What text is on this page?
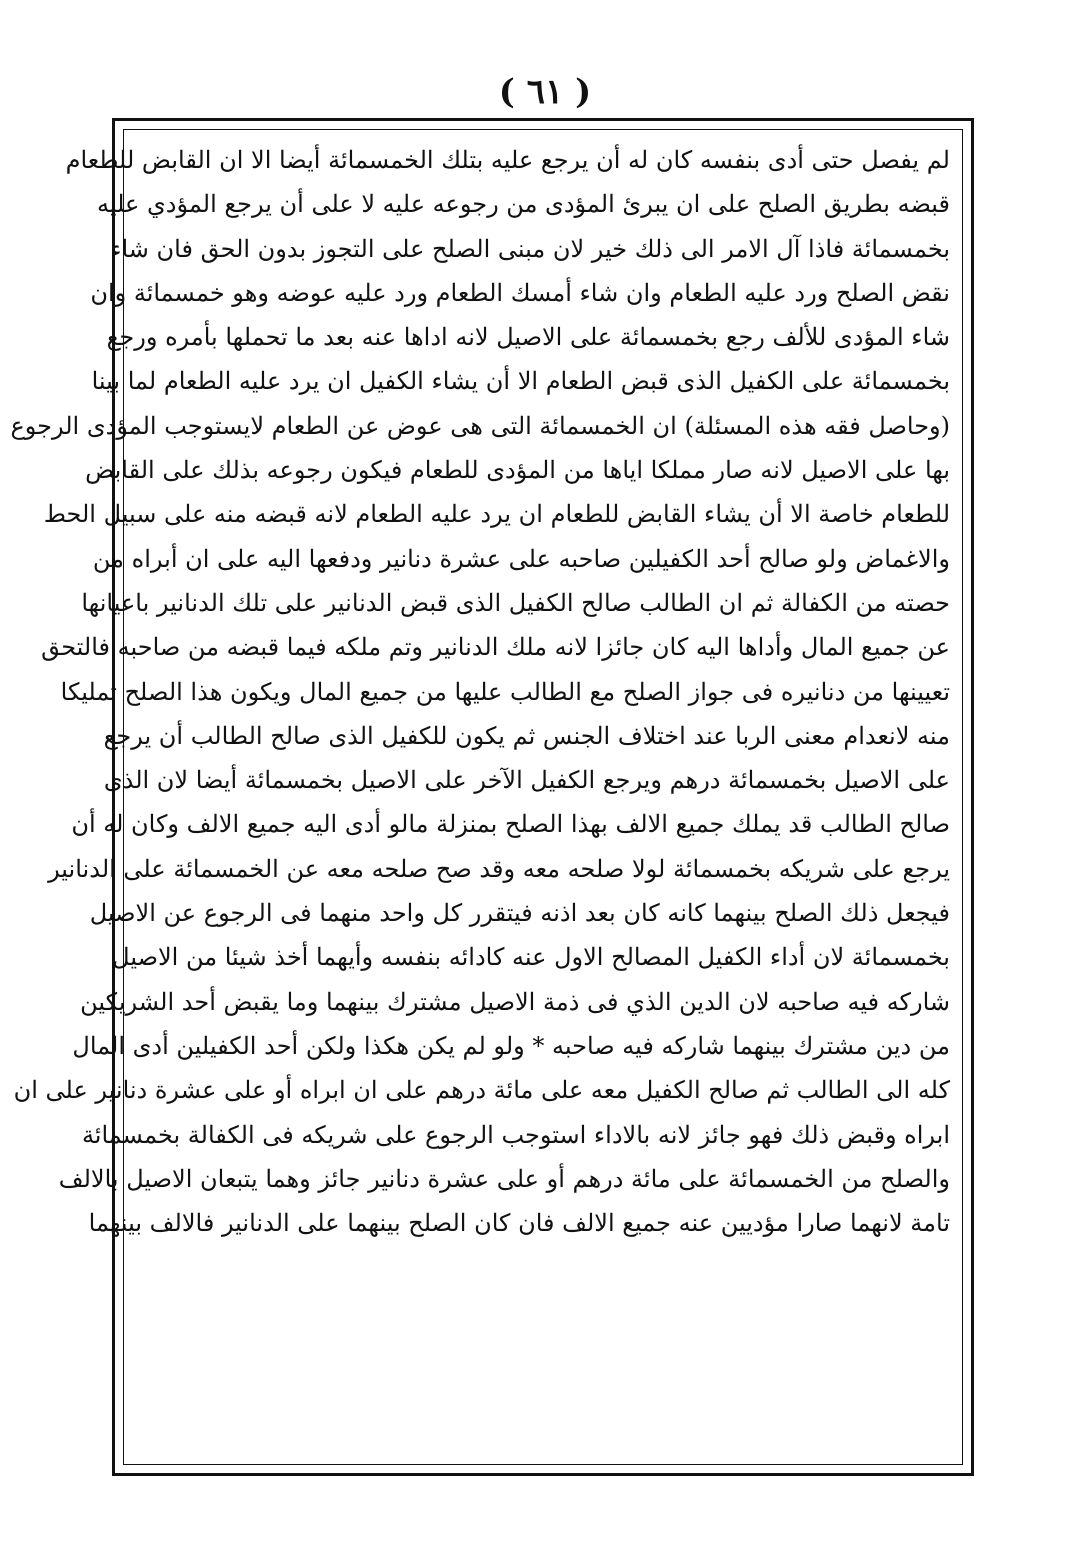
( ٦١ )
لم يفصل حتى أدى بنفسه كان له أن يرجع عليه بتلك الخمسمائة أيضا الا ان القابض للطعام
قبضه بطريق الصلح على ان يبرئ المؤدى من رجوعه عليه لا على أن يرجع المؤدي عليه
بخمسمائة فاذا آل الامر الى ذلك خير لان مبنى الصلح على التجوز بدون الحق فان شاء
نقض الصلح ورد عليه الطعام وان شاء أمسك الطعام ورد عليه عوضه وهو خمسمائة وان
شاء المؤدى للألف رجع بخمسمائة على الاصيل لانه اداها عنه بعد ما تحملها بأمره ورجع
بخمسمائة على الكفيل الذى قبض الطعام الا أن يشاء الكفيل ان يرد عليه الطعام لما بينا
(وحاصل فقه هذه المسئلة) ان الخمسمائة التى هى عوض عن الطعام لايستوجب المؤدى الرجوع
بها على الاصيل لانه صار مملكا اياها من المؤدى للطعام فيكون رجوعه بذلك على القابض
للطعام خاصة الا أن يشاء القابض للطعام ان يرد عليه الطعام لانه قبضه منه على سبيل الحط
والاغماض ولو صالح أحد الكفيلين صاحبه على عشرة دنانير ودفعها اليه على ان أبراه من
حصته من الكفالة ثم ان الطالب صالح الكفيل الذى قبض الدنانير على تلك الدنانير باعيانها
عن جميع المال وأداها اليه كان جائزا لانه ملك الدنانير وتم ملكه فيما قبضه من صاحبه فالتحق
تعيينها من دنانيره فى جواز الصلح مع الطالب عليها من جميع المال ويكون هذا الصلح تمليكا
منه لانعدام معنى الربا عند اختلاف الجنس ثم يكون للكفيل الذى صالح الطالب أن يرجع
على الاصيل بخمسمائة درهم ويرجع الكفيل الآخر على الاصيل بخمسمائة أيضا لان الذى
صالح الطالب قد يملك جميع الالف بهذا الصلح بمنزلة مالو أدى اليه جميع الالف وكان له أن
يرجع على شريكه بخمسمائة لولا صلحه معه وقد صح صلحه معه عن الخمسمائة على الدنانير
فيجعل ذلك الصلح بينهما كانه كان بعد اذنه فيتقرر كل واحد منهما فى الرجوع عن الاصيل
بخمسمائة لان أداء الكفيل المصالح الاول عنه كادائه بنفسه وأيهما أخذ شيئا من الاصيل
شاركه فيه صاحبه لان الدين الذي فى ذمة الاصيل مشترك بينهما وما يقبض أحد الشريكين
من دين مشترك بينهما شاركه فيه صاحبه * ولو لم يكن هكذا ولكن أحد الكفيلين أدى المال
كله الى الطالب ثم صالح الكفيل معه على مائة درهم على ان ابراه أو على عشرة دنانير على ان
ابراه وقبض ذلك فهو جائز لانه بالاداء استوجب الرجوع على شريكه فى الكفالة بخمسمائة
والصلح من الخمسمائة على مائة درهم أو على عشرة دنانير جائز وهما يتبعان الاصيل بالالف
تامة لانهما صارا مؤديين عنه جميع الالف فان كان الصلح بينهما على الدنانير فالالف بينهما
